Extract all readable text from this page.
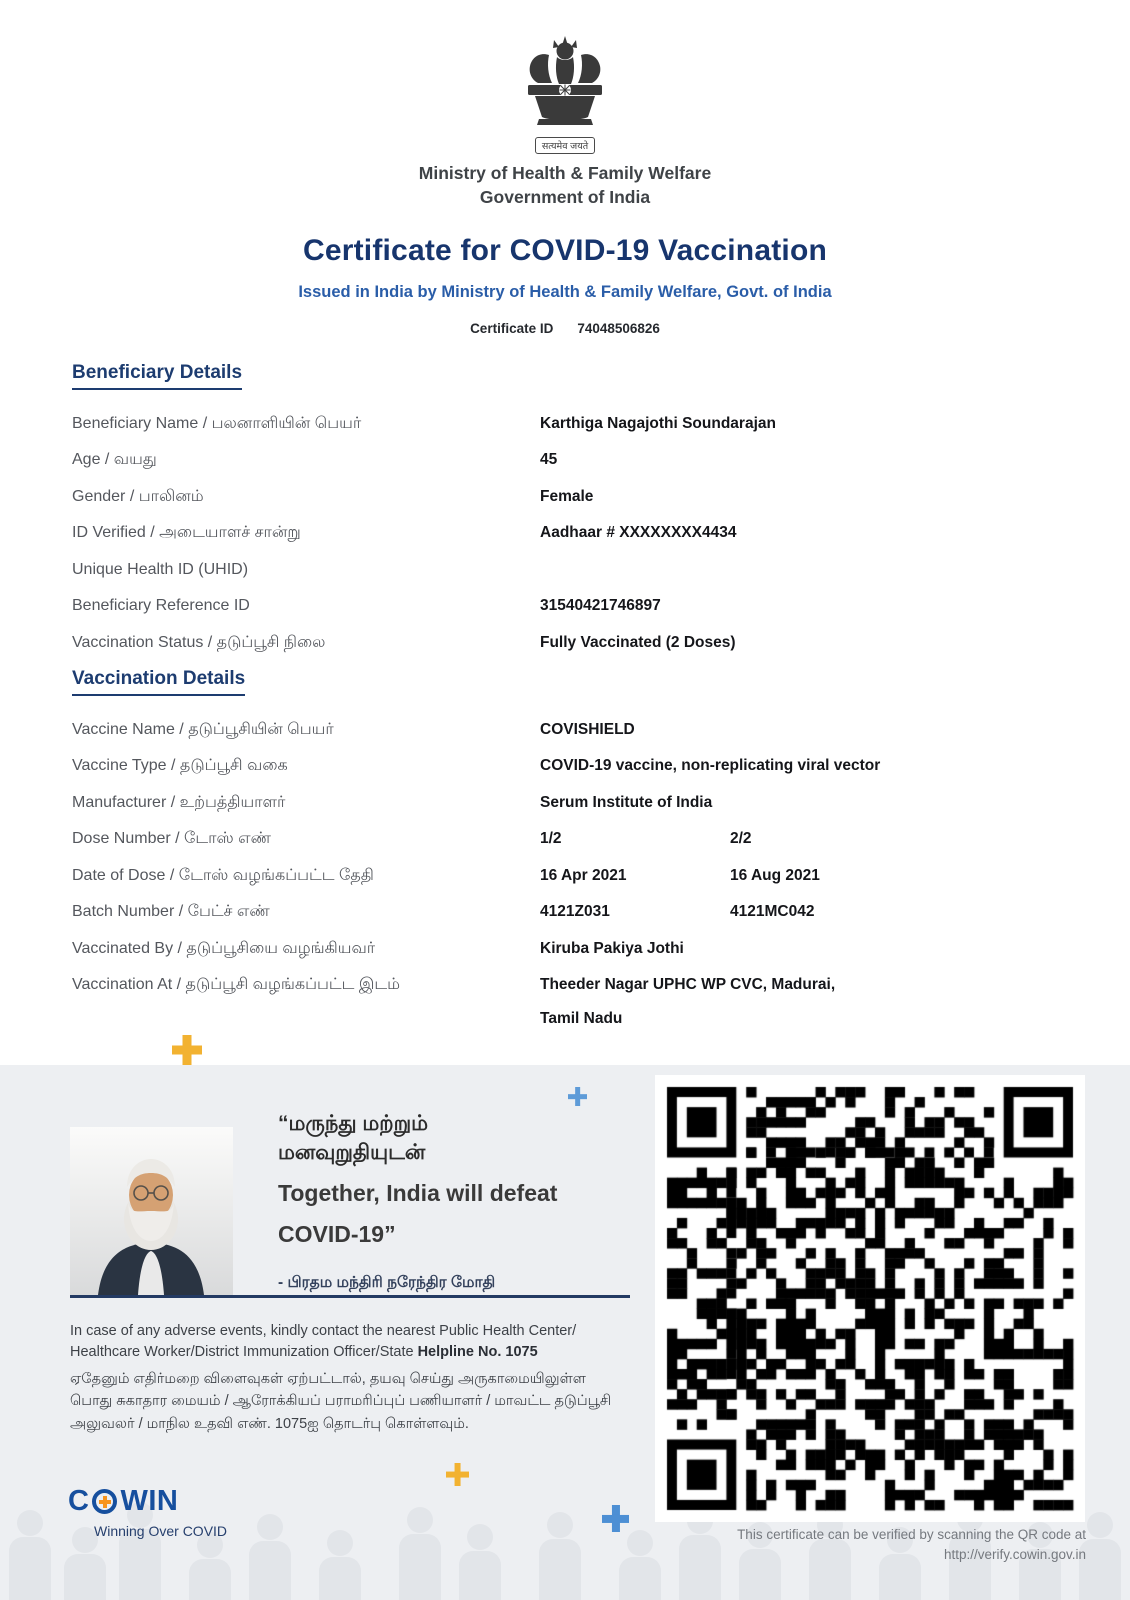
सत्यमेव जयते
Ministry of Health & Family Welfare
Government of India
Certificate for COVID-19 Vaccination
Issued in India by Ministry of Health & Family Welfare, Govt. of India
Certificate ID 74048506826
Beneficiary Details
Beneficiary Name / பலனாளியின் பெயர்	Karthiga Nagajothi Soundarajan
Age / வயது	45
Gender / பாலினம்	Female
ID Verified / அடையாளச் சான்று	Aadhaar # XXXXXXXX4434
Unique Health ID (UHID)
Beneficiary Reference ID	31540421746897
Vaccination Status / தடுப்பூசி நிலை	Fully Vaccinated (2 Doses)
Vaccination Details
Vaccine Name / தடுப்பூசியின் பெயர்	COVISHIELD
Vaccine Type / தடுப்பூசி வகை	COVID-19 vaccine, non-replicating viral vector
Manufacturer / உற்பத்தியாளர்	Serum Institute of India
Dose Number / டோஸ் எண்	1/2	2/2
Date of Dose / டோஸ் வழங்கப்பட்ட தேதி	16 Apr 2021	16 Aug 2021
Batch Number / பேட்ச் எண்	4121Z031	4121MC042
Vaccinated By / தடுப்பூசியை வழங்கியவர்	Kiruba Pakiya Jothi
Vaccination At / தடுப்பூசி வழங்கப்பட்ட இடம்	Theeder Nagar UPHC WP CVC, Madurai,
Tamil Nadu
“மருந்து மற்றும்
மனவுறுதியுடன்
Together, India will defeat
COVID-19”
- பிரதம மந்திரி நரேந்திர மோதி

In case of any adverse events, kindly contact the nearest Public Health Center/ Healthcare Worker/District Immunization Officer/State Helpline No. 1075

ஏதேனும் எதிர்மறை விளைவுகள் ஏற்பட்டால், தயவு செய்து அருகாமையிலுள்ள பொது சுகாதார மையம் / ஆரோக்கியப் பராமரிப்புப் பணியாளர் / மாவட்ட தடுப்பூசி அலுவலர் / மாநில உதவி எண். 1075ஐ தொடர்பு கொள்ளவும்.

C WIN
Winning Over COVID	This certificate can be verified by scanning the QR code at
http://verify.cowin.gov.in
